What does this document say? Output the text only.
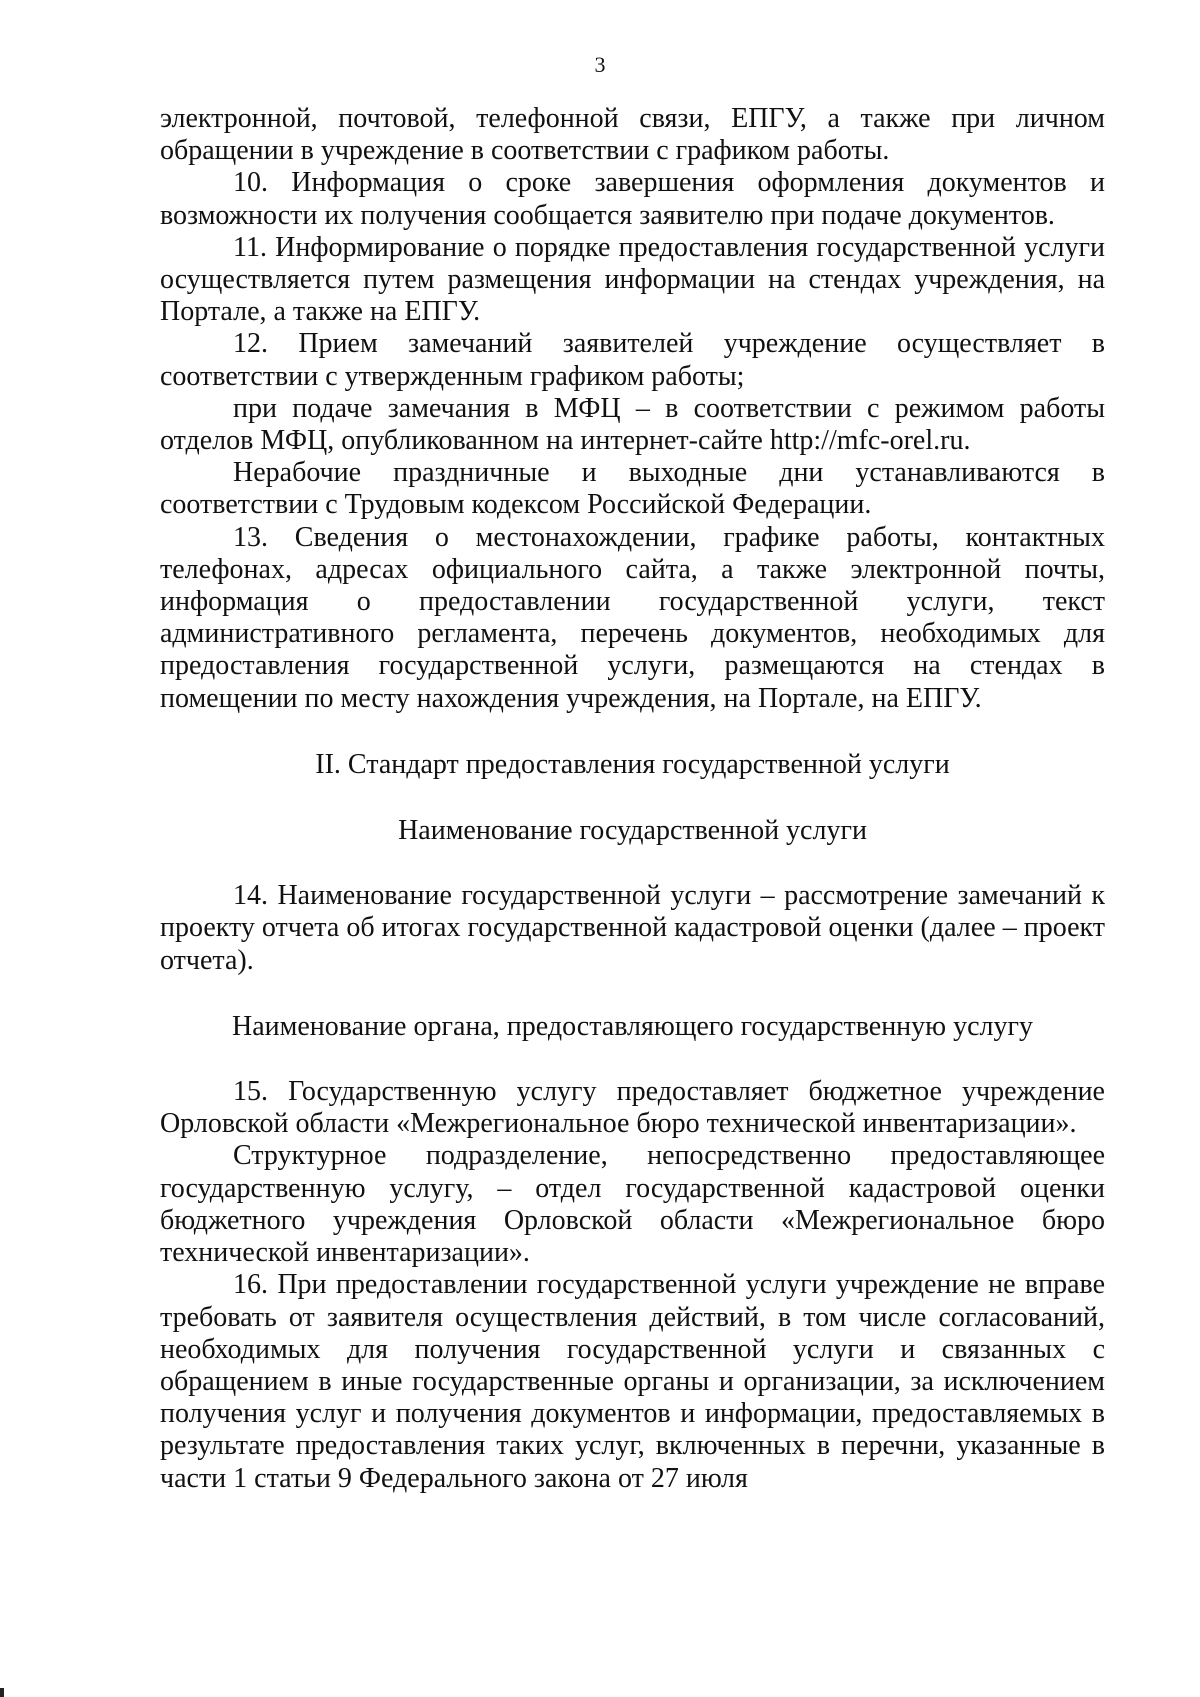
3

электронной, почтовой, телефонной связи, ЕПГУ, а также при личном обращении в учреждение в соответствии с графиком работы.

10. Информация о сроке завершения оформления документов и возможности их получения сообщается заявителю при подаче документов.

11. Информирование о порядке предоставления государственной услуги осуществляется путем размещения информации на стендах учреждения, на Портале, а также на ЕПГУ.

12. Прием замечаний заявителей учреждение осуществляет в соответствии с утвержденным графиком работы;

при подаче замечания в МФЦ – в соответствии с режимом работы отделов МФЦ, опубликованном на интернет-сайте http://mfc-orel.ru.

Нерабочие праздничные и выходные дни устанавливаются в соответствии с Трудовым кодексом Российской Федерации.

13. Сведения о местонахождении, графике работы, контактных телефонах, адресах официального сайта, а также электронной почты, информация о предоставлении государственной услуги, текст административного регламента, перечень документов, необходимых для предоставления государственной услуги, размещаются на стендах в помещении по месту нахождения учреждения, на Портале, на ЕПГУ.

II. Стандарт предоставления государственной услуги
Наименование государственной услуги

14. Наименование государственной услуги – рассмотрение замечаний к проекту отчета об итогах государственной кадастровой оценки (далее – проект отчета).

Наименование органа, предоставляющего государственную услугу

15. Государственную услугу предоставляет бюджетное учреждение Орловской области «Межрегиональное бюро технической инвентаризации».

Структурное подразделение, непосредственно предоставляющее государственную услугу, – отдел государственной кадастровой оценки бюджетного учреждения Орловской области «Межрегиональное бюро технической инвентаризации».

16. При предоставлении государственной услуги учреждение не вправе требовать от заявителя осуществления действий, в том числе согласований, необходимых для получения государственной услуги и связанных с обращением в иные государственные органы и организации, за исключением получения услуг и получения документов и информации, предоставляемых в результате предоставления таких услуг, включенных в перечни, указанные в части 1 статьи 9 Федерального закона от 27 июля
